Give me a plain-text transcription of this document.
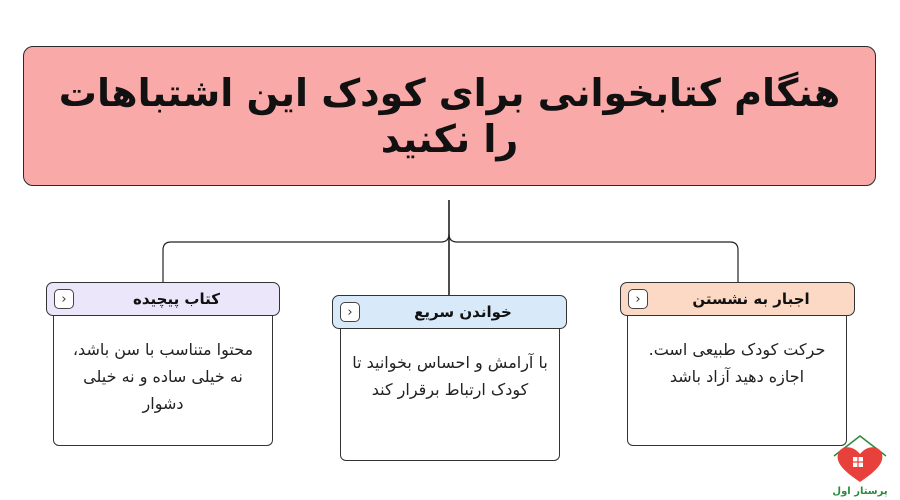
هنگام کتابخوانی برای کودک این اشتباهات را نکنید
›	کتاب پیچیده
محتوا متناسب با سن باشد، نه خیلی ساده و نه خیلی دشوار
›	خواندن سریع
با آرامش و احساس بخوانید تا کودک ارتباط برقرار کند
›	اجبار به نشستن
حرکت کودک طبیعی است. اجازه دهید آزاد باشد
پرستار اول
